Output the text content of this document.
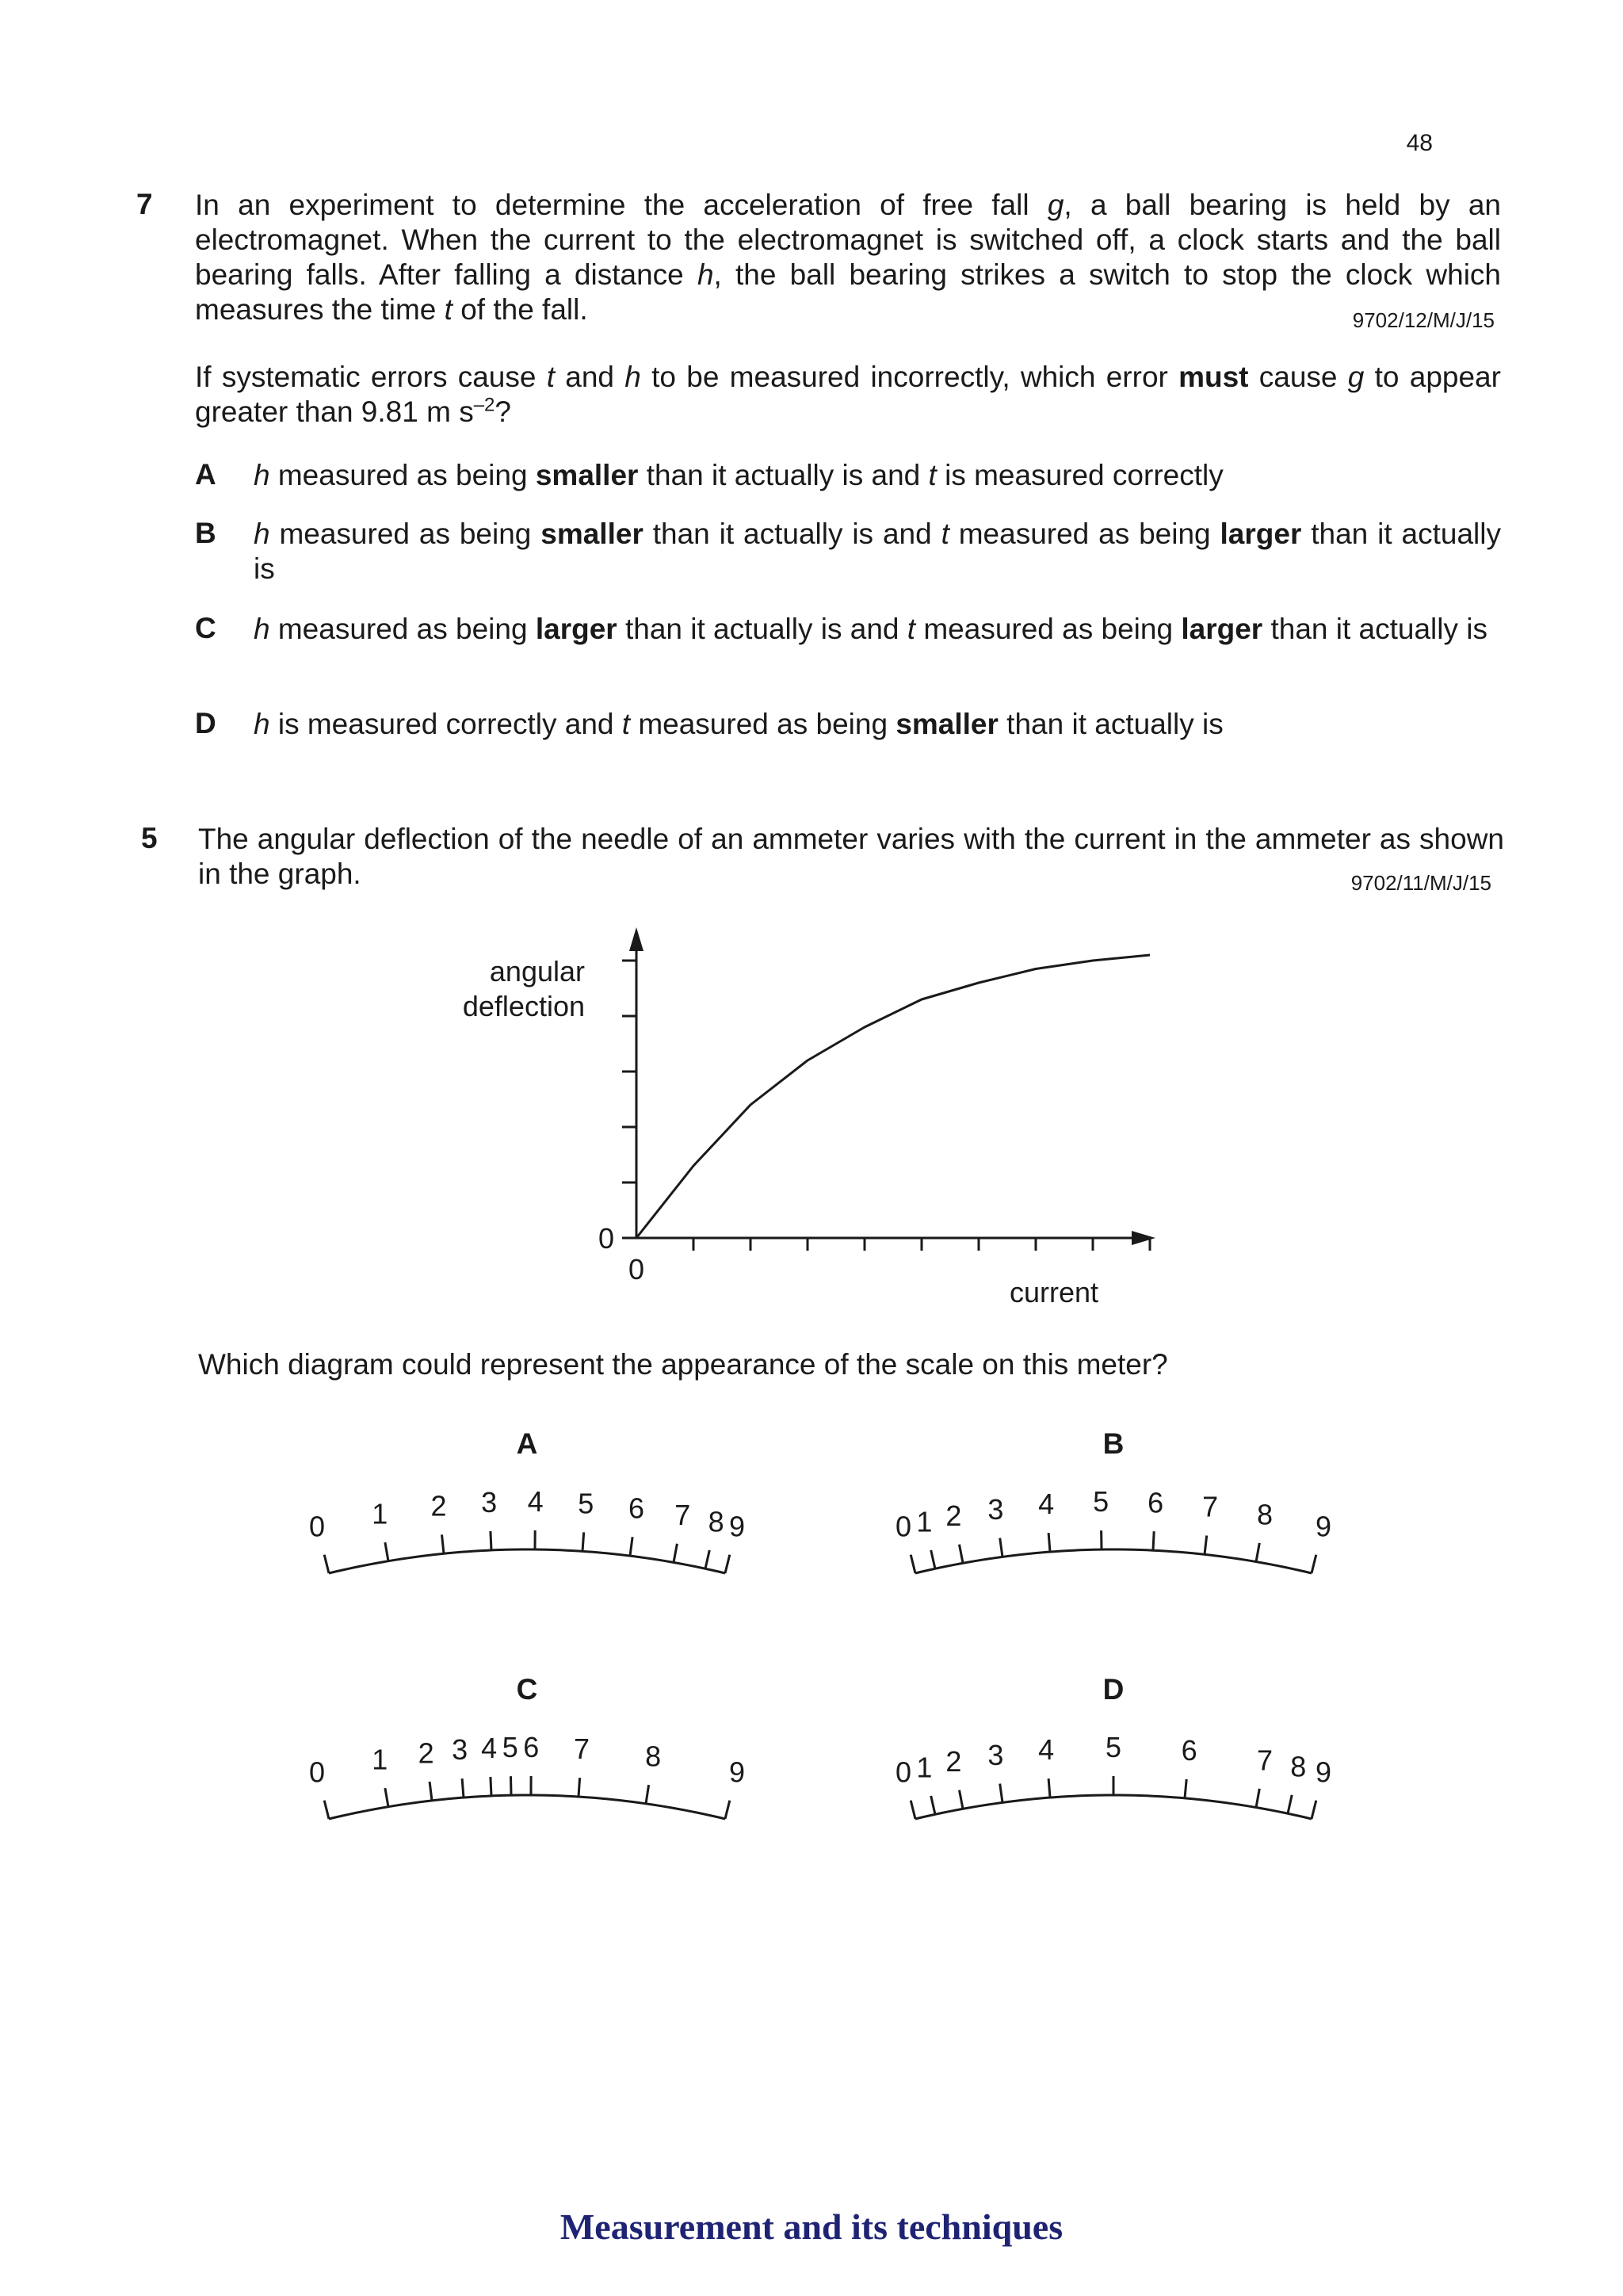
48
7 In an experiment to determine the acceleration of free fall g, a ball bearing is held by an electromagnet. When the current to the electromagnet is switched off, a clock starts and the ball bearing falls. After falling a distance h, the ball bearing strikes a switch to stop the clock which measures the time t of the fall.	9702/12/M/J/15
If systematic errors cause t and h to be measured incorrectly, which error must cause g to appear greater than 9.81 m $s^{-2}$?
A h measured as being smaller than it actually is and t is measured correctly
B h measured as being smaller than it actually is and t measured as being larger than it actually is
C h measured as being larger than it actually is and t measured as being larger than it actually is
D h is measured correctly and t measured as being smaller than it actually is
5 The angular deflection of the needle of an ammeter varies with the current in the ammeter as shown in the graph.	9702/11/M/J/15
0
0
current
angular
deflection
Which diagram could represent the appearance of the scale on this meter?
A
0 1 2 3 4 5 6 7 8 9
B
0 1 2 3 4 5 6 7 8 9
C
0 1 2 3 4 5 6 7 8 9
D
0 1 2 3 4 5 6 7 8 9
Measurement and its techniques
